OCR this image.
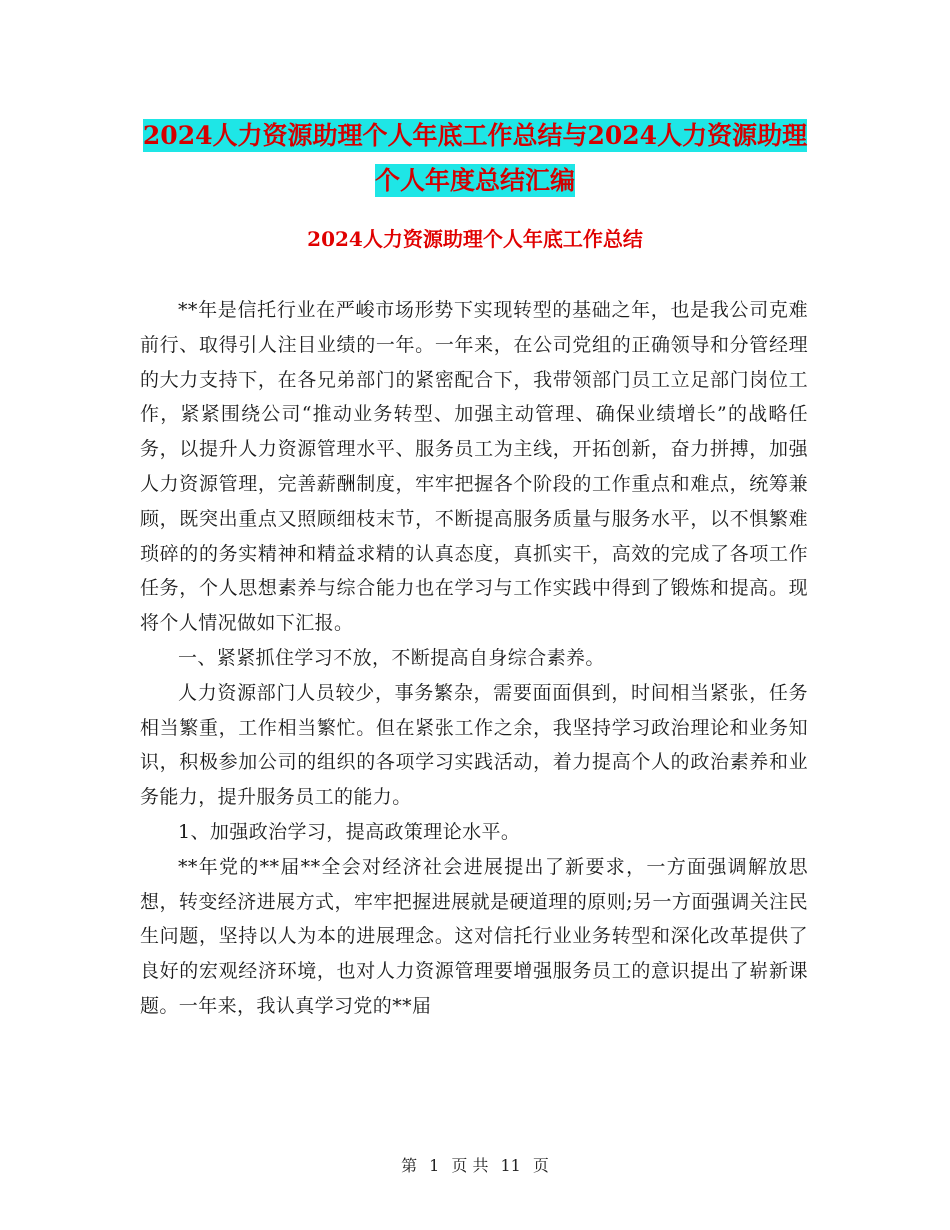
2024人力资源助理个人年底工作总结与2024人力资源助理个人年度总结汇编
2024人力资源助理个人年底工作总结

**年是信托行业在严峻市场形势下实现转型的基础之年，也是我公司克难前行、取得引人注目业绩的一年。一年来，在公司党组的正确领导和分管经理的大力支持下，在各兄弟部门的紧密配合下，我带领部门员工立足部门岗位工作，紧紧围绕公司“推动业务转型、加强主动管理、确保业绩增长”的战略任务，以提升人力资源管理水平、服务员工为主线，开拓创新，奋力拼搏，加强人力资源管理，完善薪酬制度，牢牢把握各个阶段的工作重点和难点，统筹兼顾，既突出重点又照顾细枝末节，不断提高服务质量与服务水平，以不惧繁难琐碎的的务实精神和精益求精的认真态度，真抓实干，高效的完成了各项工作任务，个人思想素养与综合能力也在学习与工作实践中得到了锻炼和提高。现将个人情况做如下汇报。

一、紧紧抓住学习不放，不断提高自身综合素养。

人力资源部门人员较少，事务繁杂，需要面面俱到，时间相当紧张，任务相当繁重，工作相当繁忙。但在紧张工作之余，我坚持学习政治理论和业务知识，积极参加公司的组织的各项学习实践活动，着力提高个人的政治素养和业务能力，提升服务员工的能力。

1、加强政治学习，提高政策理论水平。

**年党的**届**全会对经济社会进展提出了新要求，一方面强调解放思想，转变经济进展方式，牢牢把握进展就是硬道理的原则;另一方面强调关注民生问题，坚持以人为本的进展理念。这对信托行业业务转型和深化改革提供了良好的宏观经济环境，也对人力资源管理要增强服务员工的意识提出了崭新课题。一年来，我认真学习党的**届

第 1 页 共 11 页
